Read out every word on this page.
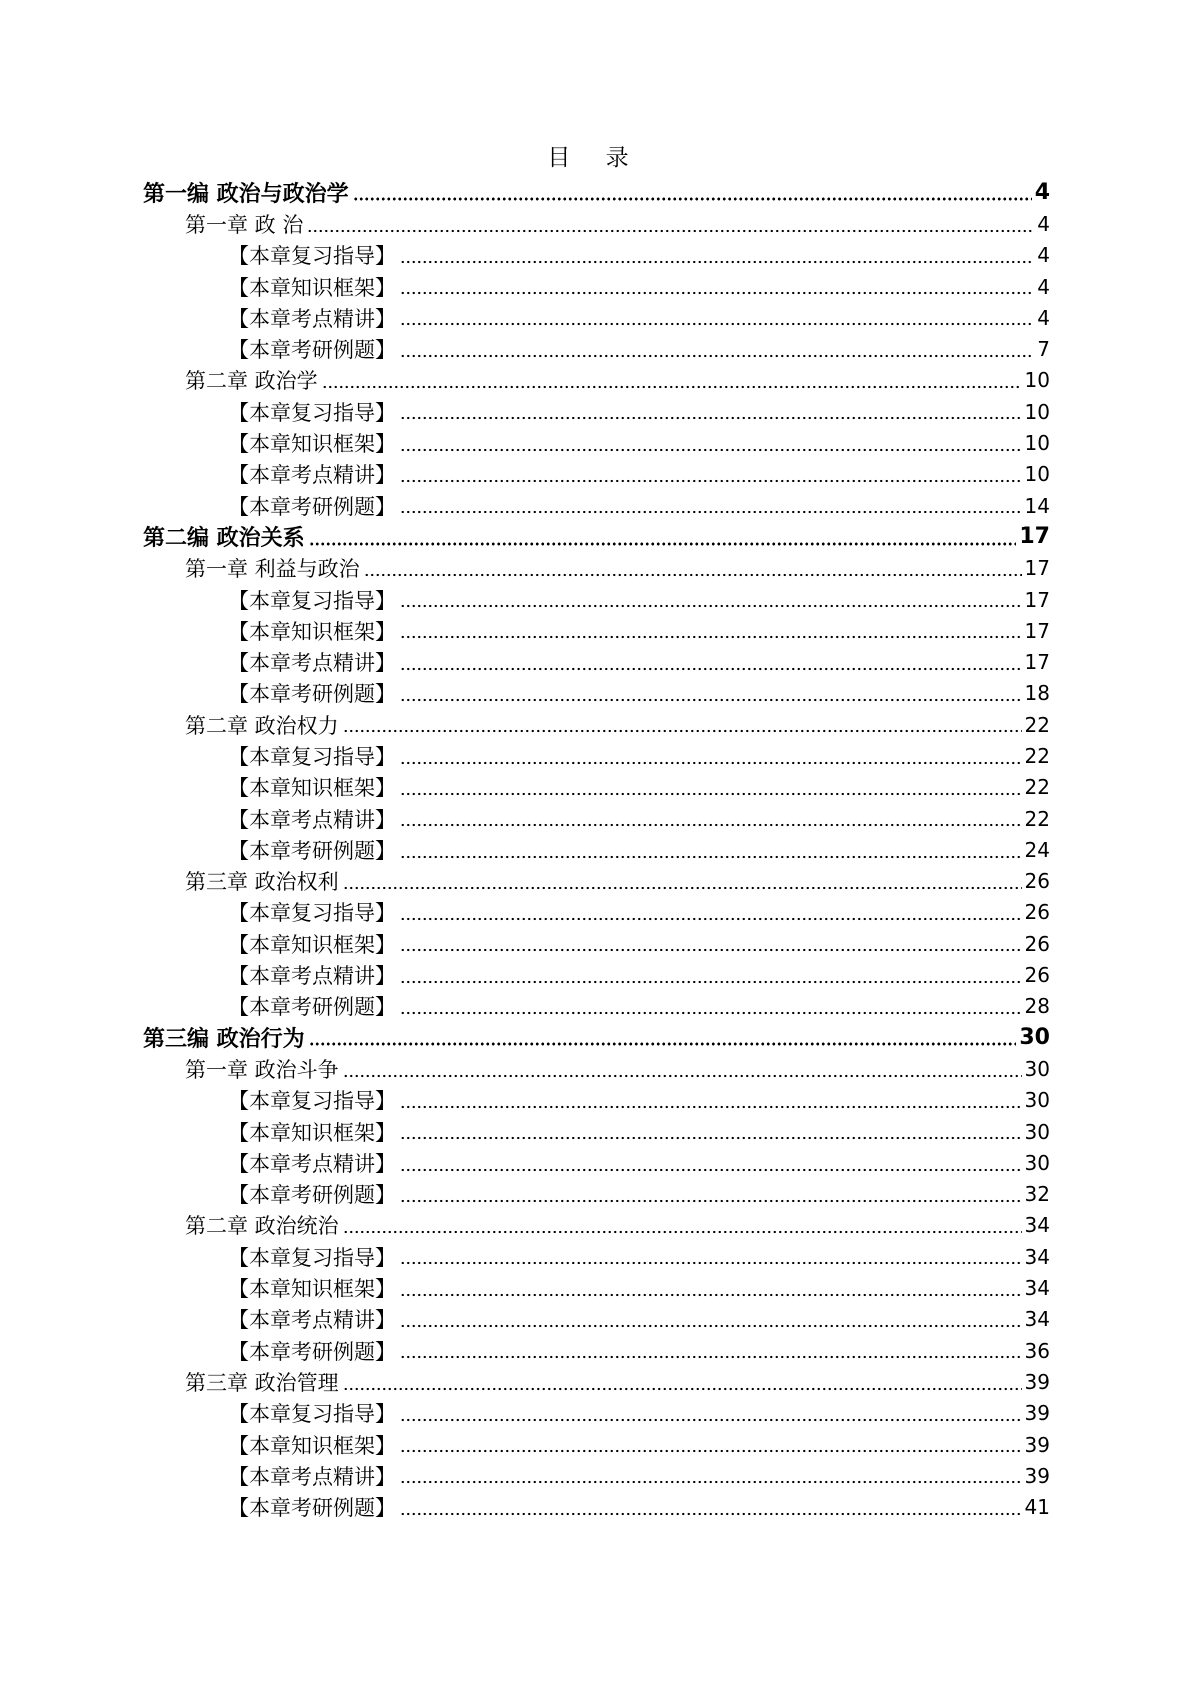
目 录
第一编 政治与政治学	4
第一章 政 治	4
【本章复习指导】	4
【本章知识框架】	4
【本章考点精讲】	4
【本章考研例题】	7
第二章 政治学	10
【本章复习指导】	10
【本章知识框架】	10
【本章考点精讲】	10
【本章考研例题】	14
第二编 政治关系	17
第一章 利益与政治	17
【本章复习指导】	17
【本章知识框架】	17
【本章考点精讲】	17
【本章考研例题】	18
第二章 政治权力	22
【本章复习指导】	22
【本章知识框架】	22
【本章考点精讲】	22
【本章考研例题】	24
第三章 政治权利	26
【本章复习指导】	26
【本章知识框架】	26
【本章考点精讲】	26
【本章考研例题】	28
第三编 政治行为	30
第一章 政治斗争	30
【本章复习指导】	30
【本章知识框架】	30
【本章考点精讲】	30
【本章考研例题】	32
第二章 政治统治	34
【本章复习指导】	34
【本章知识框架】	34
【本章考点精讲】	34
【本章考研例题】	36
第三章 政治管理	39
【本章复习指导】	39
【本章知识框架】	39
【本章考点精讲】	39
【本章考研例题】	41
